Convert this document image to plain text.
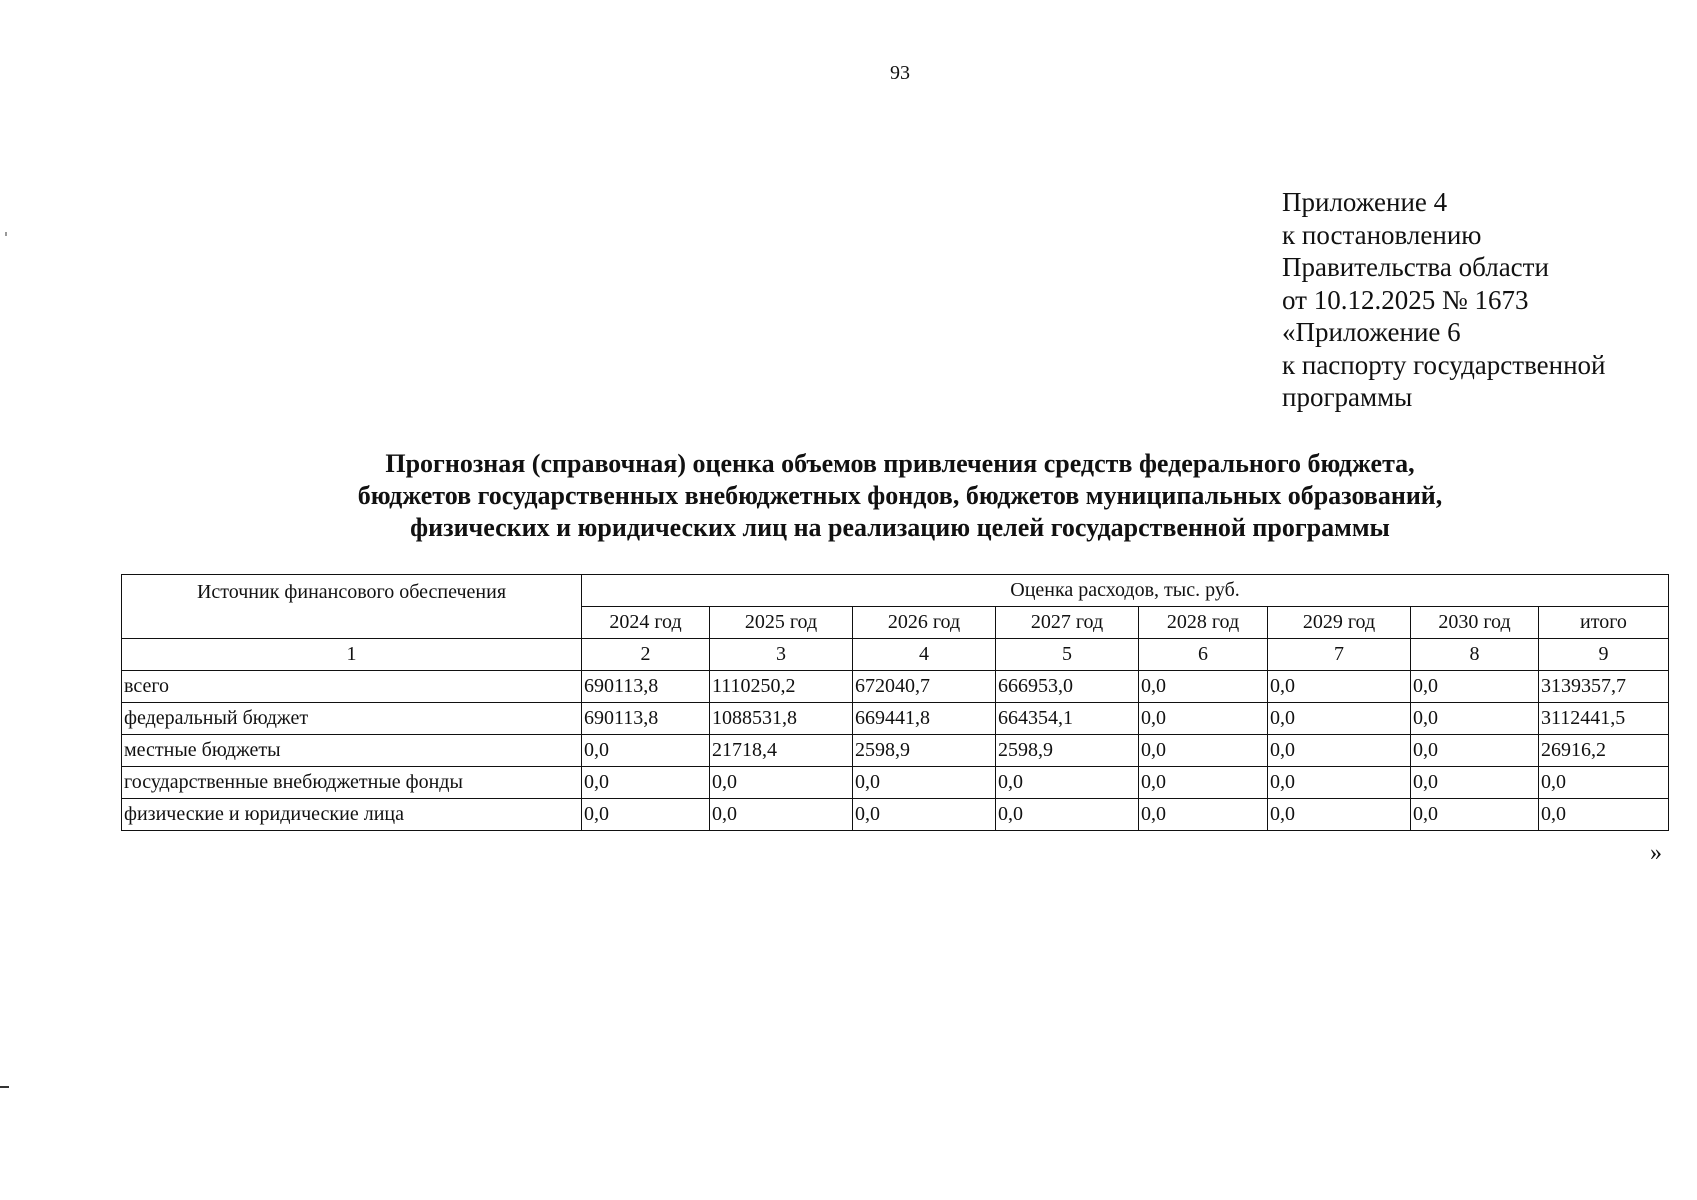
93
Приложение 4
к постановлению
Правительства области
от 10.12.2025 № 1673
«Приложение 6
к паспорту государственной
программы
Прогнозная (справочная) оценка объемов привлечения средств федерального бюджета,
бюджетов государственных внебюджетных фондов, бюджетов муниципальных образований,
физических и юридических лиц на реализацию целей государственной программы
Источник финансового обеспечения	Оценка расходов, тыс. руб.							
	2024 год	2025 год	2026 год	2027 год	2028 год	2029 год	2030 год	итого
1	2	3	4	5	6	7	8	9
всего	690113,8	1110250,2	672040,7	666953,0	0,0	0,0	0,0	3139357,7
федеральный бюджет	690113,8	1088531,8	669441,8	664354,1	0,0	0,0	0,0	3112441,5
местные бюджеты	0,0	21718,4	2598,9	2598,9	0,0	0,0	0,0	26916,2
государственные внебюджетные фонды	0,0	0,0	0,0	0,0	0,0	0,0	0,0	0,0
физические и юридические лица	0,0	0,0	0,0	0,0	0,0	0,0	0,0	0,0
»
